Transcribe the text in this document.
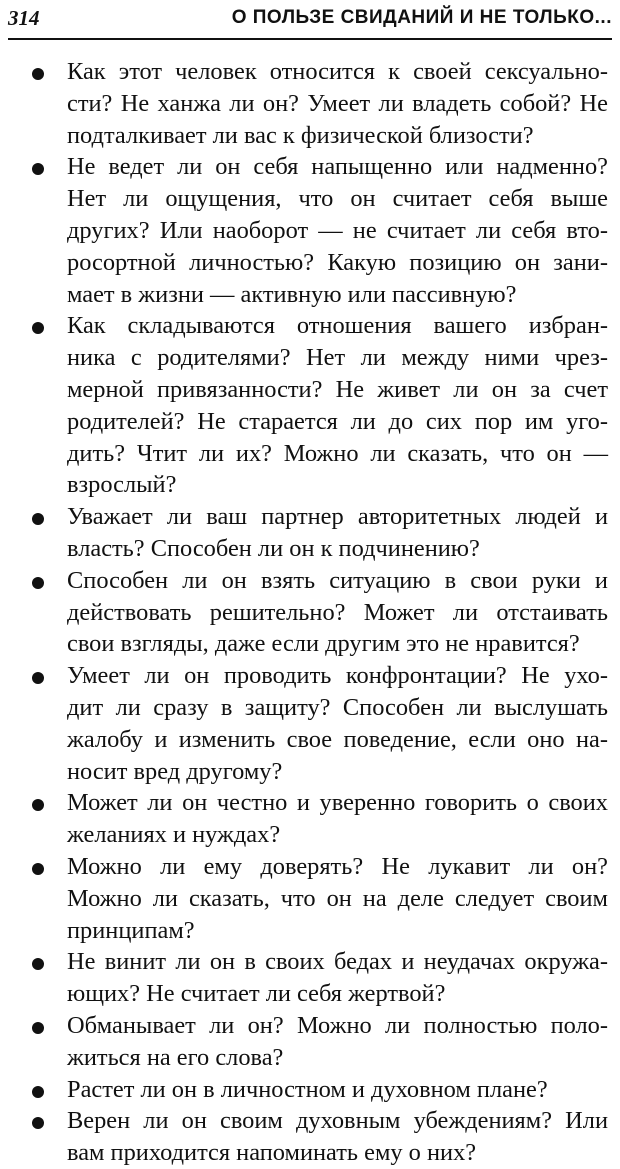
314	О ПОЛЬЗЕ СВИДАНИЙ И НЕ ТОЛЬКО...
Как этот человек относится к своей сексуально-
сти? Не ханжа ли он? Умеет ли владеть собой? Не
подталкивает ли вас к физической близости?
Не ведет ли он себя напыщенно или надменно?
Нет ли ощущения, что он считает себя выше
других? Или наоборот — не считает ли себя вто-
росортной личностью? Какую позицию он зани-
мает в жизни — активную или пассивную?
Как складываются отношения вашего избран-
ника с родителями? Нет ли между ними чрез-
мерной привязанности? Не живет ли он за счет
родителей? Не старается ли до сих пор им уго-
дить? Чтит ли их? Можно ли сказать, что он —
взрослый?
Уважает ли ваш партнер авторитетных людей и
власть? Способен ли он к подчинению?
Способен ли он взять ситуацию в свои руки и
действовать решительно? Может ли отстаивать
свои взгляды, даже если другим это не нравится?
Умеет ли он проводить конфронтации? Не ухо-
дит ли сразу в защиту? Способен ли выслушать
жалобу и изменить свое поведение, если оно на-
носит вред другому?
Может ли он честно и уверенно говорить о своих
желаниях и нуждах?
Можно ли ему доверять? Не лукавит ли он?
Можно ли сказать, что он на деле следует своим
принципам?
Не винит ли он в своих бедах и неудачах окружа-
ющих? Не считает ли себя жертвой?
Обманывает ли он? Можно ли полностью поло-
житься на его слова?
Растет ли он в личностном и духовном плане?
Верен ли он своим духовным убеждениям? Или
вам приходится напоминать ему о них?
